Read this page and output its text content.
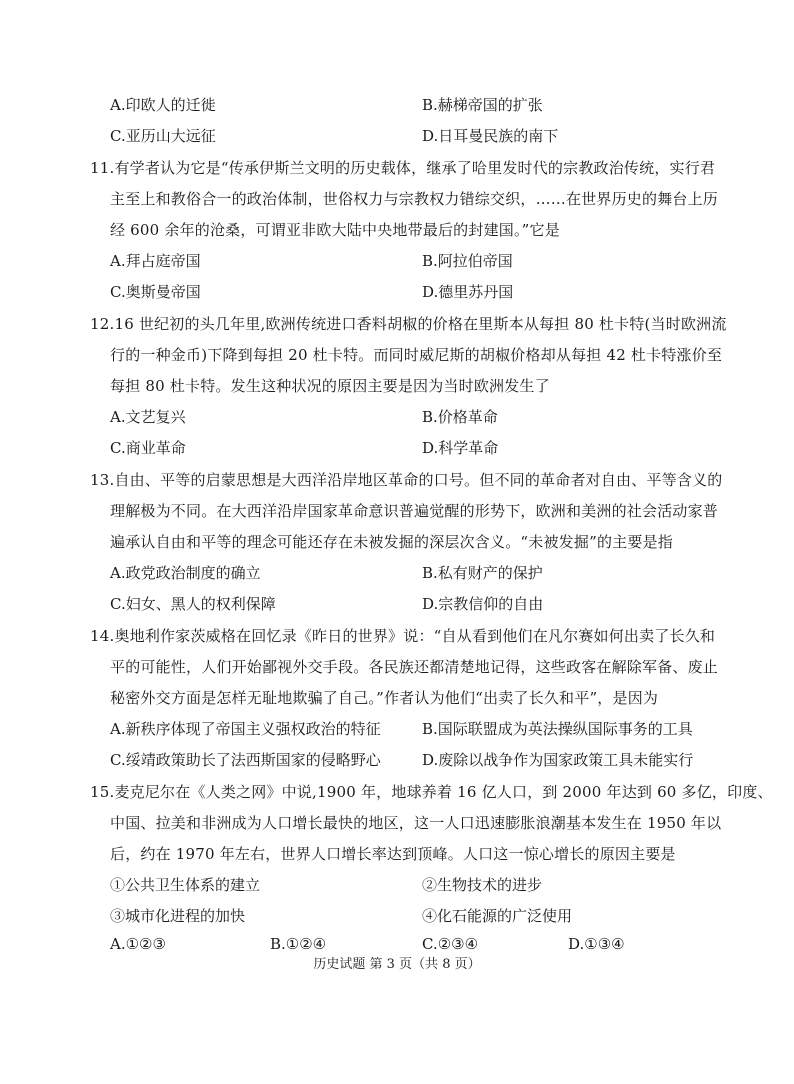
A.印欧人的迁徙	B.赫梯帝国的扩张
C.亚历山大远征	D.日耳曼民族的南下
11.有学者认为它是“传承伊斯兰文明的历史载体，继承了哈里发时代的宗教政治传统，实行君
主至上和教俗合一的政治体制，世俗权力与宗教权力错综交织，……在世界历史的舞台上历
经 600 余年的沧桑，可谓亚非欧大陆中央地带最后的封建国。”它是
A.拜占庭帝国	B.阿拉伯帝国
C.奥斯曼帝国	D.德里苏丹国
12.16 世纪初的头几年里,欧洲传统进口香料胡椒的价格在里斯本从每担 80 杜卡特(当时欧洲流
行的一种金币)下降到每担 20 杜卡特。而同时威尼斯的胡椒价格却从每担 42 杜卡特涨价至
每担 80 杜卡特。发生这种状况的原因主要是因为当时欧洲发生了
A.文艺复兴	B.价格革命
C.商业革命	D.科学革命
13.自由、平等的启蒙思想是大西洋沿岸地区革命的口号。但不同的革命者对自由、平等含义的
理解极为不同。在大西洋沿岸国家革命意识普遍觉醒的形势下，欧洲和美洲的社会活动家普
遍承认自由和平等的理念可能还存在未被发掘的深层次含义。“未被发掘”的主要是指
A.政党政治制度的确立	B.私有财产的保护
C.妇女、黑人的权利保障	D.宗教信仰的自由
14.奥地利作家茨威格在回忆录《昨日的世界》说：“自从看到他们在凡尔赛如何出卖了长久和
平的可能性，人们开始鄙视外交手段。各民族还都清楚地记得，这些政客在解除军备、废止
秘密外交方面是怎样无耻地欺骗了自己。”作者认为他们“出卖了长久和平”，是因为
A.新秩序体现了帝国主义强权政治的特征	B.国际联盟成为英法操纵国际事务的工具
C.绥靖政策助长了法西斯国家的侵略野心	D.废除以战争作为国家政策工具未能实行
15.麦克尼尔在《人类之网》中说,1900 年，地球养着 16 亿人口，到 2000 年达到 60 多亿，印度、
中国、拉美和非洲成为人口增长最快的地区，这一人口迅速膨胀浪潮基本发生在 1950 年以
后，约在 1970 年左右，世界人口增长率达到顶峰。人口这一惊心增长的原因主要是
①公共卫生体系的建立	②生物技术的进步
③城市化进程的加快	④化石能源的广泛使用
A.①②③	B.①②④	C.②③④	D.①③④
历史试题 第 3 页（共 8 页）
